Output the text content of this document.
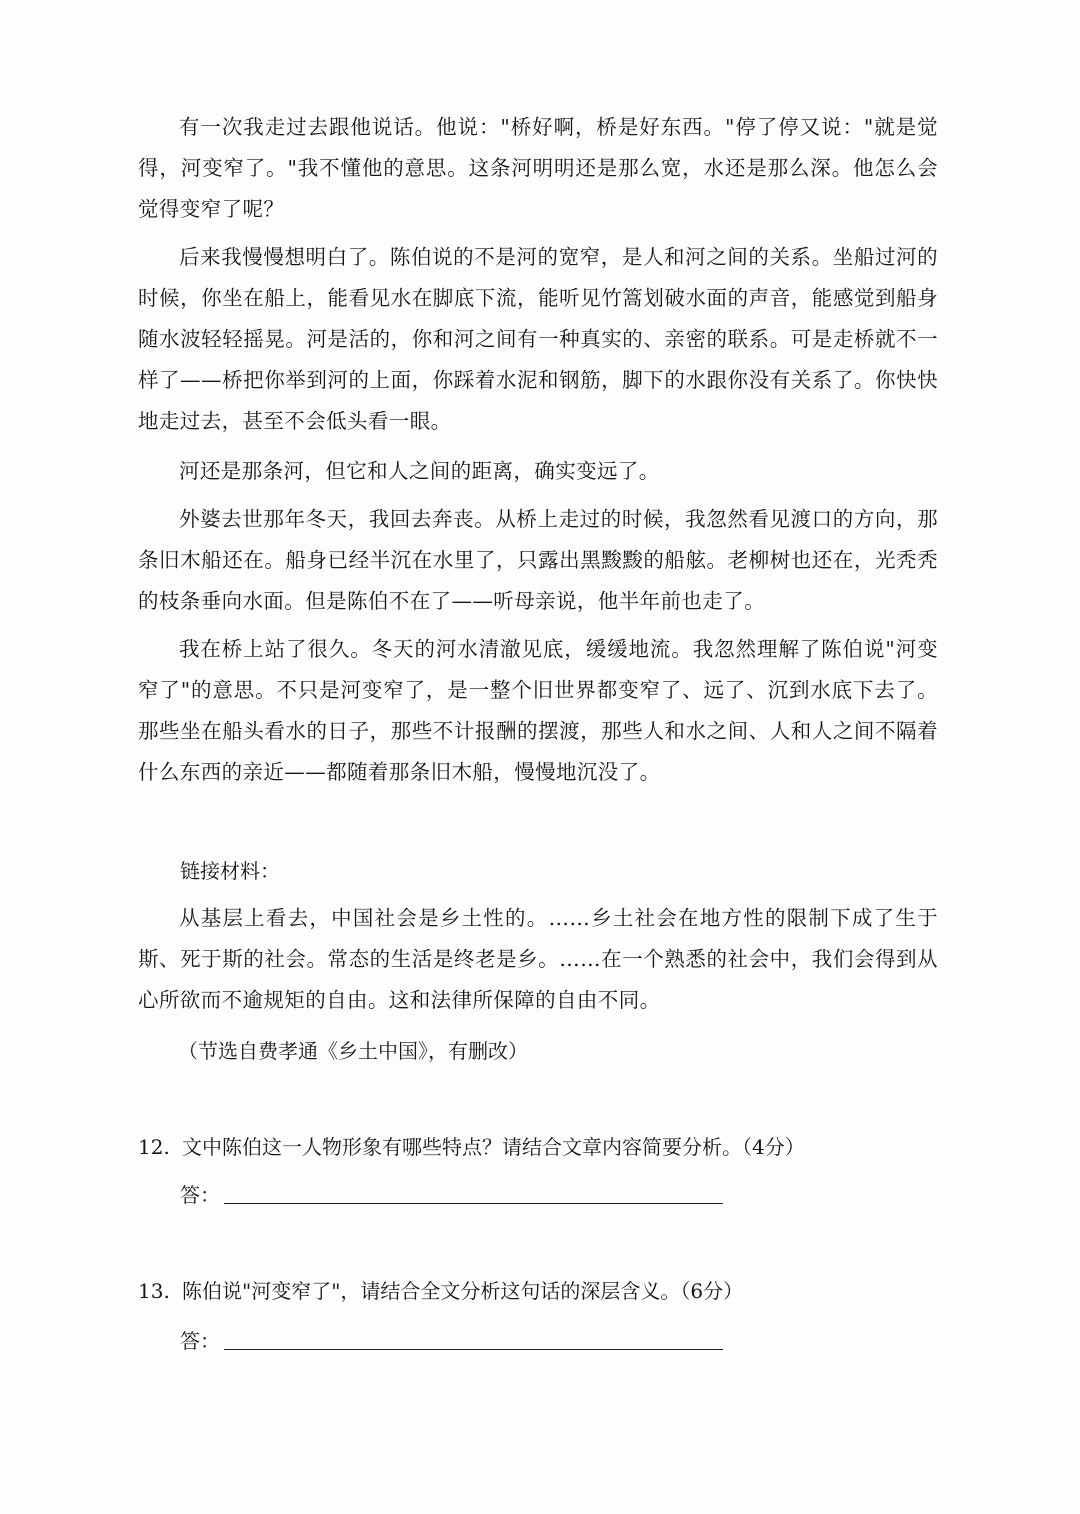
有一次我走过去跟他说话。他说："桥好啊，桥是好东西。"停了停又说："就是觉得，河变窄了。"我不懂他的意思。这条河明明还是那么宽，水还是那么深。他怎么会觉得变窄了呢？

后来我慢慢想明白了。陈伯说的不是河的宽窄，是人和河之间的关系。坐船过河的时候，你坐在船上，能看见水在脚底下流，能听见竹篙划破水面的声音，能感觉到船身随水波轻轻摇晃。河是活的，你和河之间有一种真实的、亲密的联系。可是走桥就不一样了——桥把你举到河的上面，你踩着水泥和钢筋，脚下的水跟你没有关系了。你快快地走过去，甚至不会低头看一眼。

河还是那条河，但它和人之间的距离，确实变远了。

外婆去世那年冬天，我回去奔丧。从桥上走过的时候，我忽然看见渡口的方向，那条旧木船还在。船身已经半沉在水里了，只露出黑黢黢的船舷。老柳树也还在，光秃秃的枝条垂向水面。但是陈伯不在了——听母亲说，他半年前也走了。

我在桥上站了很久。冬天的河水清澈见底，缓缓地流。我忽然理解了陈伯说"河变窄了"的意思。不只是河变窄了，是一整个旧世界都变窄了、远了、沉到水底下去了。那些坐在船头看水的日子，那些不计报酬的摆渡，那些人和水之间、人和人之间不隔着什么东西的亲近——都随着那条旧木船，慢慢地沉没了。

链接材料：

从基层上看去，中国社会是乡土性的。……乡土社会在地方性的限制下成了生于斯、死于斯的社会。常态的生活是终老是乡。……在一个熟悉的社会中，我们会得到从心所欲而不逾规矩的自由。这和法律所保障的自由不同。

（节选自费孝通《乡土中国》，有删改）

12. 文中陈伯这一人物形象有哪些特点？请结合文章内容简要分析。（4分）

答：

13. 陈伯说"河变窄了"，请结合全文分析这句话的深层含义。（6分）

答：
